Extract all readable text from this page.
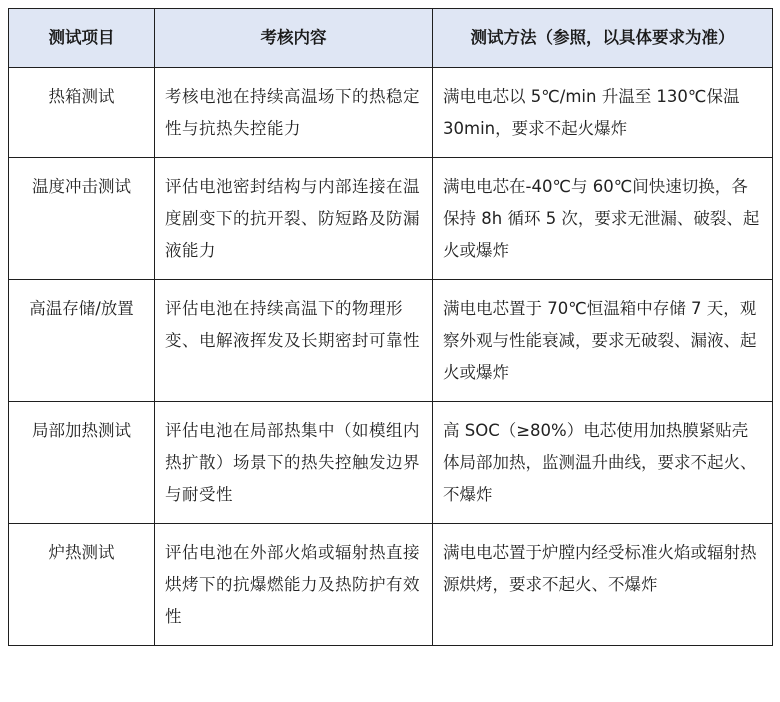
测试项目	考核内容	测试方法（参照，以具体要求为准）
热箱测试	考核电池在持续高温场下的热稳定性与抗热失控能力	满电电芯以 5℃/min 升温至 130℃保温 30min，要求不起火爆炸
温度冲击测试	评估电池密封结构与内部连接在温度剧变下的抗开裂、防短路及防漏液能力	满电电芯在-40℃与 60℃间快速切换，各保持 8h 循环 5 次，要求无泄漏、破裂、起火或爆炸
高温存储/放置	评估电池在持续高温下的物理形变、电解液挥发及长期密封可靠性	满电电芯置于 70℃恒温箱中存储 7 天，观察外观与性能衰减，要求无破裂、漏液、起火或爆炸
局部加热测试	评估电池在局部热集中（如模组内热扩散）场景下的热失控触发边界与耐受性	高 SOC（≥80%）电芯使用加热膜紧贴壳体局部加热，监测温升曲线，要求不起火、不爆炸
炉热测试	评估电池在外部火焰或辐射热直接烘烤下的抗爆燃能力及热防护有效性	满电电芯置于炉膛内经受标准火焰或辐射热源烘烤，要求不起火、不爆炸
